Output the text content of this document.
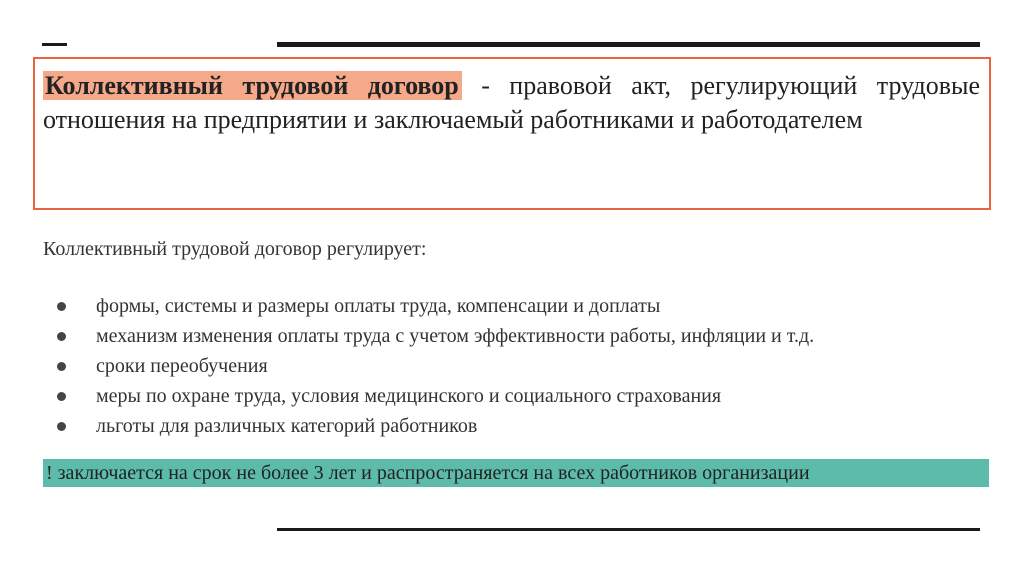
Коллективный трудовой договор - правовой акт, регулирующий трудовые отношения на предприятии и заключаемый работниками и работодателем
Коллективный трудовой договор регулирует:
формы, системы и размеры оплаты труда, компенсации и доплаты
механизм изменения оплаты труда с учетом эффективности работы, инфляции и т.д.
сроки переобучения
меры по охране труда, условия медицинского и социального страхования
льготы для различных категорий работников
! заключается на срок не более 3 лет и распространяется на всех работников организации
